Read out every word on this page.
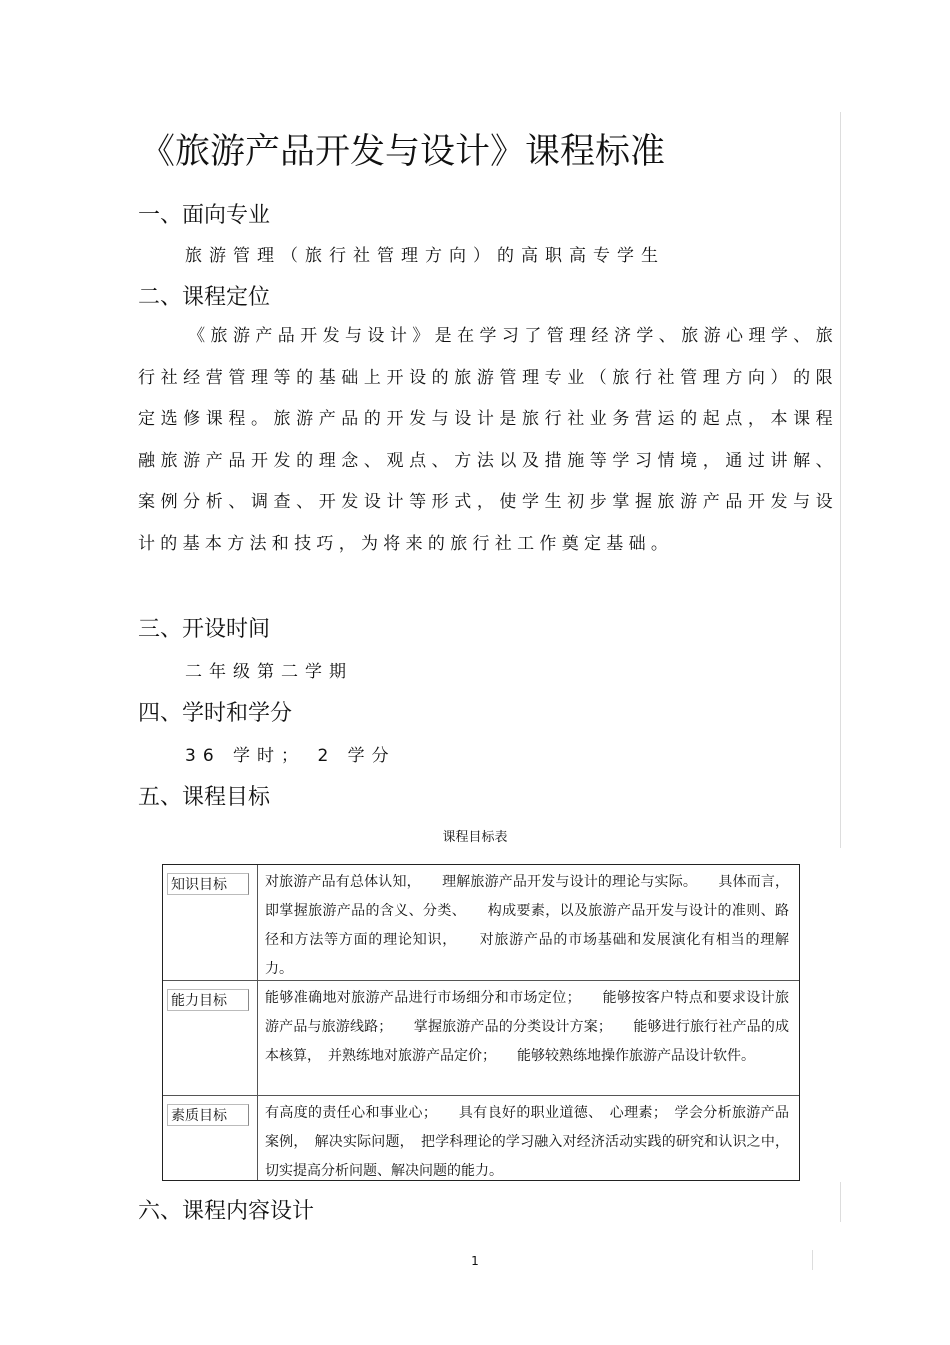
《旅游产品开发与设计》课程标准
一、面向专业
旅游管理（旅行社管理方向）的高职高专学生
二、课程定位
《旅游产品开发与设计》是在学习了管理经济学、旅游心理学、旅行社经营管理等的基础上开设的旅游管理专业（旅行社管理方向）的限定选修课程。旅游产品的开发与设计是旅行社业务营运的起点，本课程融旅游产品开发的理念、观点、方法以及措施等学习情境，通过讲解、案例分析、调查、开发设计等形式，使学生初步掌握旅游产品开发与设计的基本方法和技巧，为将来的旅行社工作奠定基础。
三、开设时间
二年级第二学期
四、学时和学分
36 学时； 2 学分
五、课程目标
课程目标表
知识目标	对旅游产品有总体认知，　　理解旅游产品开发与设计的理论与实际。　　具体而言，即掌握旅游产品的含义、分类、　　构成要素，以及旅游产品开发与设计的准则、路径和方法等方面的理论知识，　　对旅游产品的市场基础和发展演化有相当的理解力。
能力目标	能够准确地对旅游产品进行市场细分和市场定位；　　能够按客户特点和要求设计旅游产品与旅游线路；　　掌握旅游产品的分类设计方案；　　能够进行旅行社产品的成本核算，　并熟练地对旅游产品定价；　　能够较熟练地操作旅游产品设计软件。
素质目标	有高度的责任心和事业心；　　具有良好的职业道德、　心理素；　学会分析旅游产品案例，　解决实际问题，　把学科理论的学习融入对经济活动实践的研究和认识之中，切实提高分析问题、解决问题的能力。
六、课程内容设计
1
